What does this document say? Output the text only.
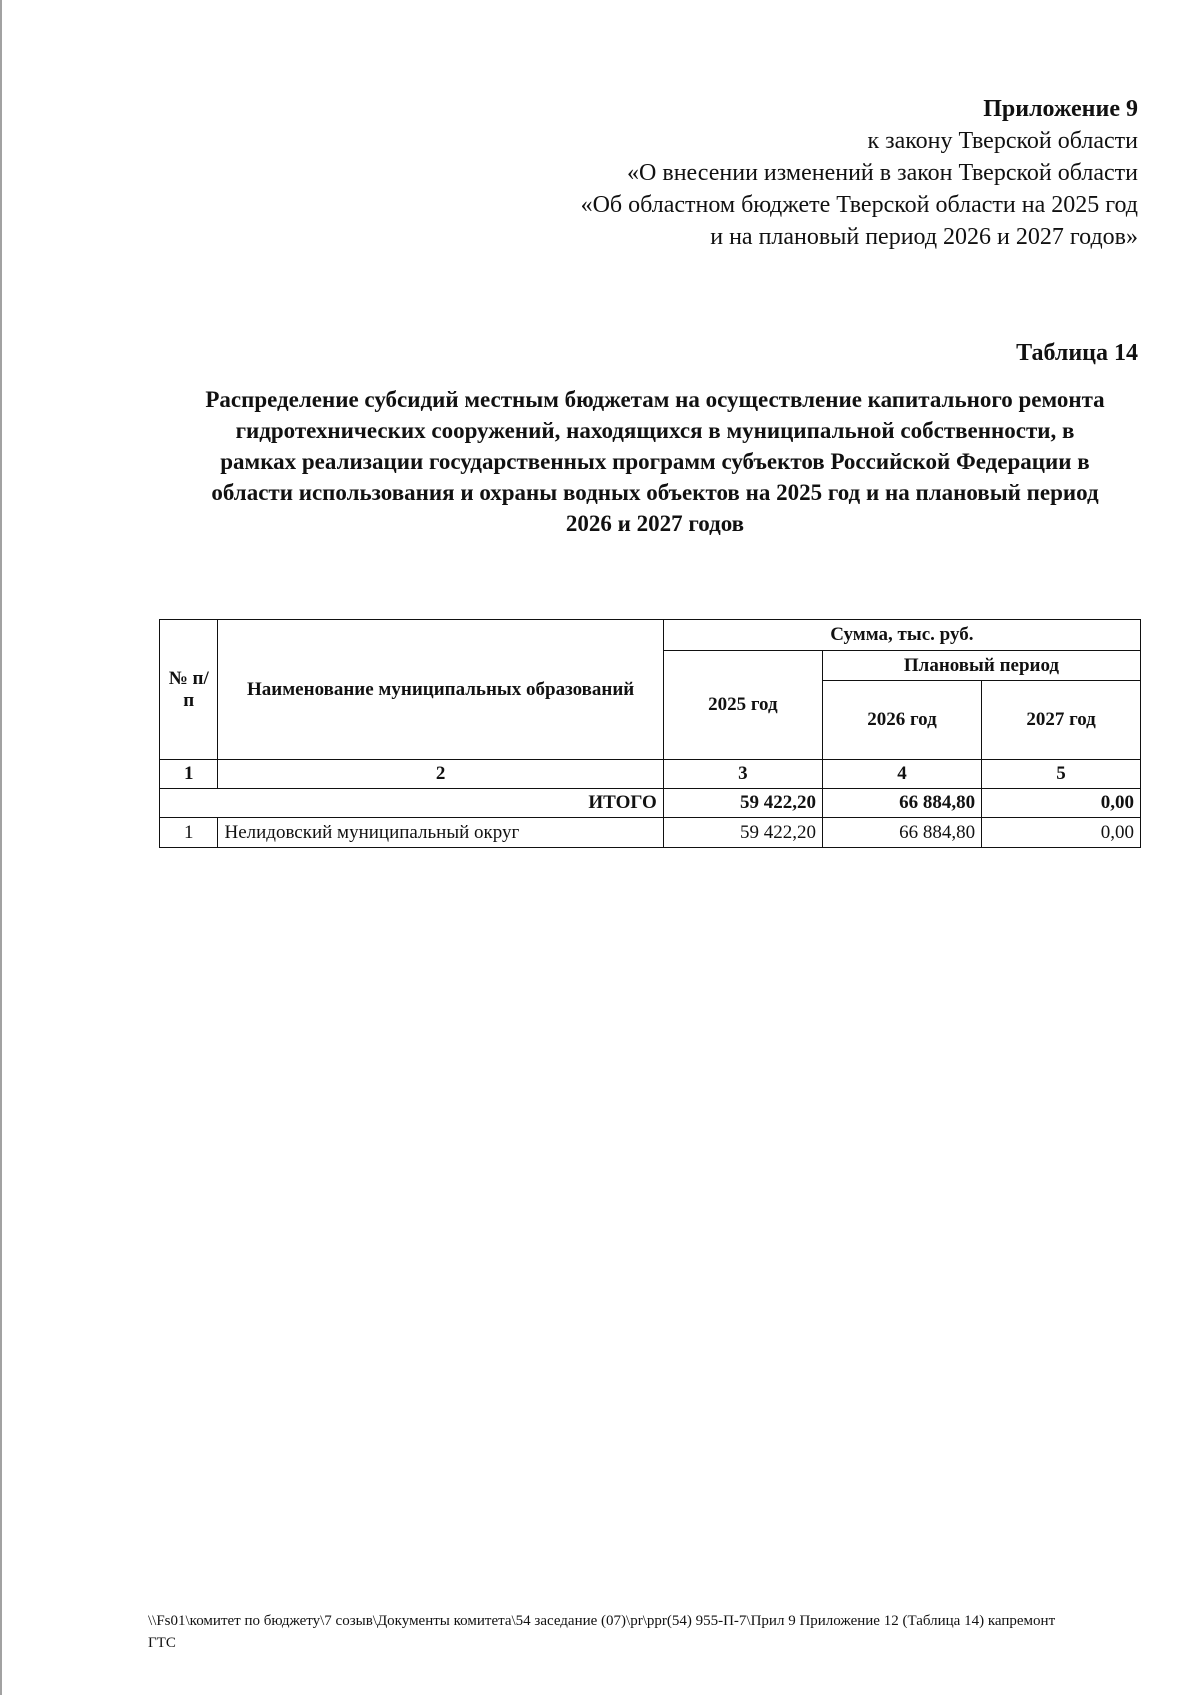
Приложение 9
к закону Тверской области
«О внесении изменений в закон Тверской области
«Об областном бюджете Тверской области на 2025 год
и на плановый период 2026 и 2027 годов»
Таблица 14
Распределение субсидий местным бюджетам на осуществление капитального ремонта
гидротехнических сооружений, находящихся в муниципальной собственности, в
рамках реализации государственных программ субъектов Российской Федерации в
области использования и охраны водных объектов на 2025 год и на плановый период
2026 и 2027 годов
№ п/п	Наименование муниципальных образований	Сумма, тыс. руб.		
		2025 год	Плановый период	
			2026 год	2027 год
1	2	3	4	5
ИТОГО		59 422,20	66 884,80	0,00
1	Нелидовский муниципальный округ	59 422,20	66 884,80	0,00
\\Fs01\комитет по бюджету\7 созыв\Документы комитета\54 заседание (07)\pr\ppr(54) 955-П-7\Прил 9 Приложение 12 (Таблица 14) капремонт
ГТС
